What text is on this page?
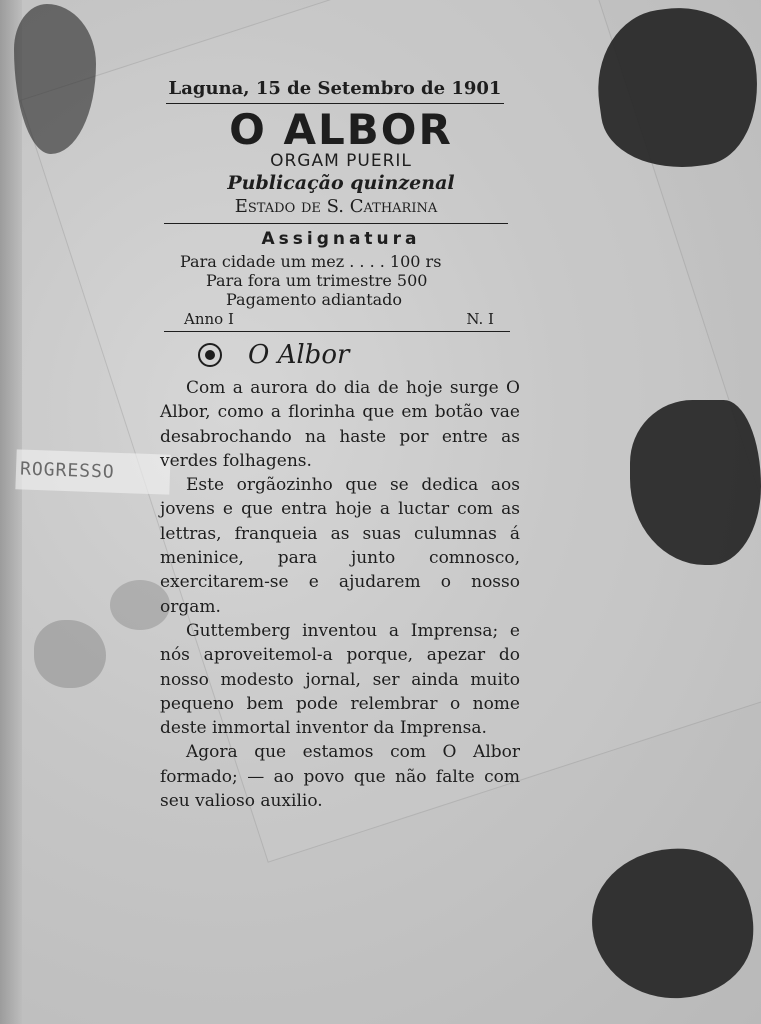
ROGRESSO
Laguna, 15 de Setembro de 1901
O ALBOR
ORGAM PUERIL
Publicação quinzenal
Estado de S. Catharina
Assignatura
Para cidade um mez . . . . 100 rs
Para fora um trimestre 500
Pagamento adiantado
Anno I	N. I
O Albor

Com a aurora do dia de hoje surge O Albor, como a florinha que em botão vae desabrochando na haste por entre as verdes folhagens.

Este orgãozinho que se dedica aos jovens e que entra hoje a luctar com as lettras, franqueia as suas culumnas á meninice, para junto comnosco, exercitarem-se e ajudarem o nosso orgam.

Guttemberg inventou a Imprensa; e nós aproveitemol-a porque, apezar do nosso modesto jornal, ser ainda muito pequeno bem pode relembrar o nome deste immortal inventor da Imprensa.

Agora que estamos com O Albor formado; — ao povo que não falte com seu valioso auxilio.
